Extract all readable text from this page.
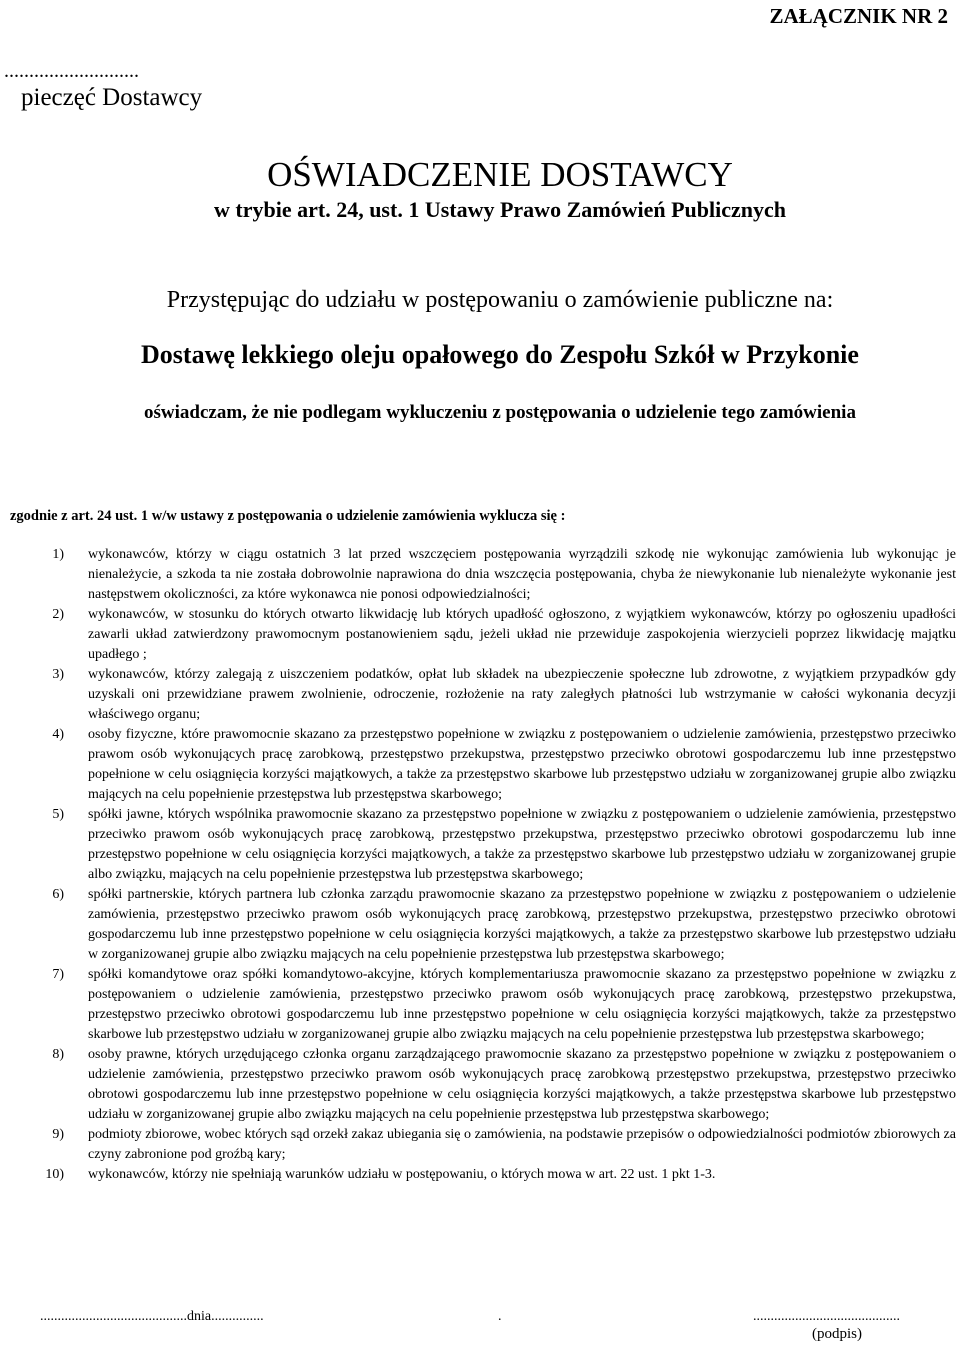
ZAŁĄCZNIK NR 2
...........................
pieczęć Dostawcy
OŚWIADCZENIE DOSTAWCY
w trybie art. 24, ust. 1 Ustawy Prawo Zamówień Publicznych
Przystępując do udziału w postępowaniu o zamówienie publiczne na:
Dostawę lekkiego oleju opałowego do Zespołu Szkół w Przykonie
oświadczam, że nie podlegam wykluczeniu z postępowania o udzielenie tego zamówienia
zgodnie z art. 24 ust. 1 w/w ustawy z postępowania o udzielenie zamówienia wyklucza się :
1) wykonawców, którzy w ciągu ostatnich 3 lat przed wszczęciem postępowania wyrządzili szkodę nie wykonując zamówienia lub wykonując je nienależycie, a szkoda ta nie została dobrowolnie naprawiona do dnia wszczęcia postępowania, chyba że niewykonanie lub nienależyte wykonanie jest następstwem okoliczności, za które wykonawca nie ponosi odpowiedzialności;
2) wykonawców, w stosunku do których otwarto likwidację lub których upadłość ogłoszono, z wyjątkiem wykonawców, którzy po ogłoszeniu upadłości zawarli układ zatwierdzony prawomocnym postanowieniem sądu, jeżeli układ nie przewiduje zaspokojenia wierzycieli poprzez likwidację majątku upadłego ;
3) wykonawców, którzy zalegają z uiszczeniem podatków, opłat lub składek na ubezpieczenie społeczne lub zdrowotne, z wyjątkiem przypadków gdy uzyskali oni przewidziane prawem zwolnienie, odroczenie, rozłożenie na raty zaległych płatności lub wstrzymanie w całości wykonania decyzji właściwego organu;
4) osoby fizyczne, które prawomocnie skazano za przestępstwo popełnione w związku z postępowaniem o udzielenie zamówienia, przestępstwo przeciwko prawom osób wykonujących pracę zarobkową, przestępstwo przekupstwa, przestępstwo przeciwko obrotowi gospodarczemu lub inne przestępstwo popełnione w celu osiągnięcia korzyści majątkowych, a także za przestępstwo skarbowe lub przestępstwo udziału w zorganizowanej grupie albo związku mających na celu popełnienie przestępstwa lub przestępstwa skarbowego;
5) spółki jawne, których wspólnika prawomocnie skazano za przestępstwo popełnione w związku z postępowaniem o udzielenie zamówienia, przestępstwo przeciwko prawom osób wykonujących pracę zarobkową, przestępstwo przekupstwa, przestępstwo przeciwko obrotowi gospodarczemu lub inne przestępstwo popełnione w celu osiągnięcia korzyści majątkowych, a także za przestępstwo skarbowe lub przestępstwo udziału w zorganizowanej grupie albo związku, mających na celu popełnienie przestępstwa lub przestępstwa skarbowego;
6) spółki partnerskie, których partnera lub członka zarządu prawomocnie skazano za przestępstwo popełnione w związku z postępowaniem o udzielenie zamówienia, przestępstwo przeciwko prawom osób wykonujących pracę zarobkową, przestępstwo przekupstwa, przestępstwo przeciwko obrotowi gospodarczemu lub inne przestępstwo popełnione w celu osiągnięcia korzyści majątkowych, a także za przestępstwo skarbowe lub przestępstwo udziału w zorganizowanej grupie albo związku mających na celu popełnienie przestępstwa lub przestępstwa skarbowego;
7) spółki komandytowe oraz spółki komandytowo-akcyjne, których komplementariusza prawomocnie skazano za przestępstwo popełnione w związku z postępowaniem o udzielenie zamówienia, przestępstwo przeciwko prawom osób wykonujących pracę zarobkową, przestępstwo przekupstwa, przestępstwo przeciwko obrotowi gospodarczemu lub inne przestępstwo popełnione w celu osiągnięcia korzyści majątkowych, także za przestępstwo skarbowe lub przestępstwo udziału w zorganizowanej grupie albo związku mających na celu popełnienie przestępstwa lub przestępstwa skarbowego;
8) osoby prawne, których urzędującego członka organu zarządzającego prawomocnie skazano za przestępstwo popełnione w związku z postępowaniem o udzielenie zamówienia, przestępstwo przeciwko prawom osób wykonujących pracę zarobkową przestępstwo przekupstwa, przestępstwo przeciwko obrotowi gospodarczemu lub inne przestępstwo popełnione w celu osiągnięcia korzyści majątkowych, a także przestępstwa skarbowe lub przestępstwo udziału w zorganizowanej grupie albo związku mających na celu popełnienie przestępstwa lub przestępstwa skarbowego;
9) podmioty zbiorowe, wobec których sąd orzekł zakaz ubiegania się o zamówienia, na podstawie przepisów o odpowiedzialności podmiotów zbiorowych za czyny zabronione pod groźbą kary;
10) wykonawców, którzy nie spełniają warunków udziału w postępowaniu, o których mowa w art. 22 ust. 1 pkt 1-3.
..........................................dnia...............	.	..........................................
(podpis)
